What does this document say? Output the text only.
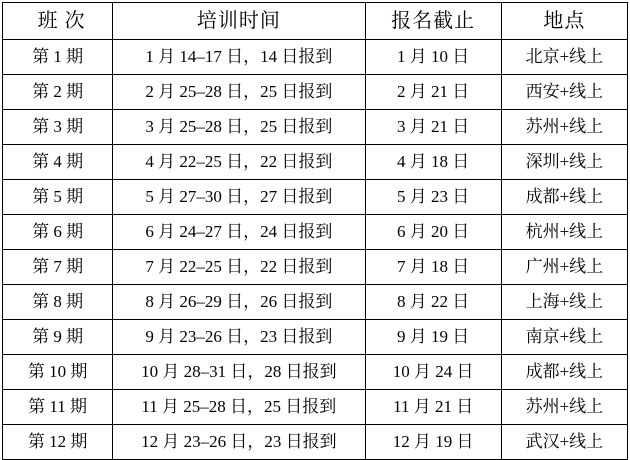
班 次	培训时间	报名截止	地点
第 1 期	1 月 14–17 日，14 日报到	1 月 10 日	北京+线上
第 2 期	2 月 25–28 日，25 日报到	2 月 21 日	西安+线上
第 3 期	3 月 25–28 日，25 日报到	3 月 21 日	苏州+线上
第 4 期	4 月 22–25 日，22 日报到	4 月 18 日	深圳+线上
第 5 期	5 月 27–30 日，27 日报到	5 月 23 日	成都+线上
第 6 期	6 月 24–27 日，24 日报到	6 月 20 日	杭州+线上
第 7 期	7 月 22–25 日，22 日报到	7 月 18 日	广州+线上
第 8 期	8 月 26–29 日，26 日报到	8 月 22 日	上海+线上
第 9 期	9 月 23–26 日，23 日报到	9 月 19 日	南京+线上
第 10 期	10 月 28–31 日，28 日报到	10 月 24 日	成都+线上
第 11 期	11 月 25–28 日，25 日报到	11 月 21 日	苏州+线上
第 12 期	12 月 23–26 日，23 日报到	12 月 19 日	武汉+线上
